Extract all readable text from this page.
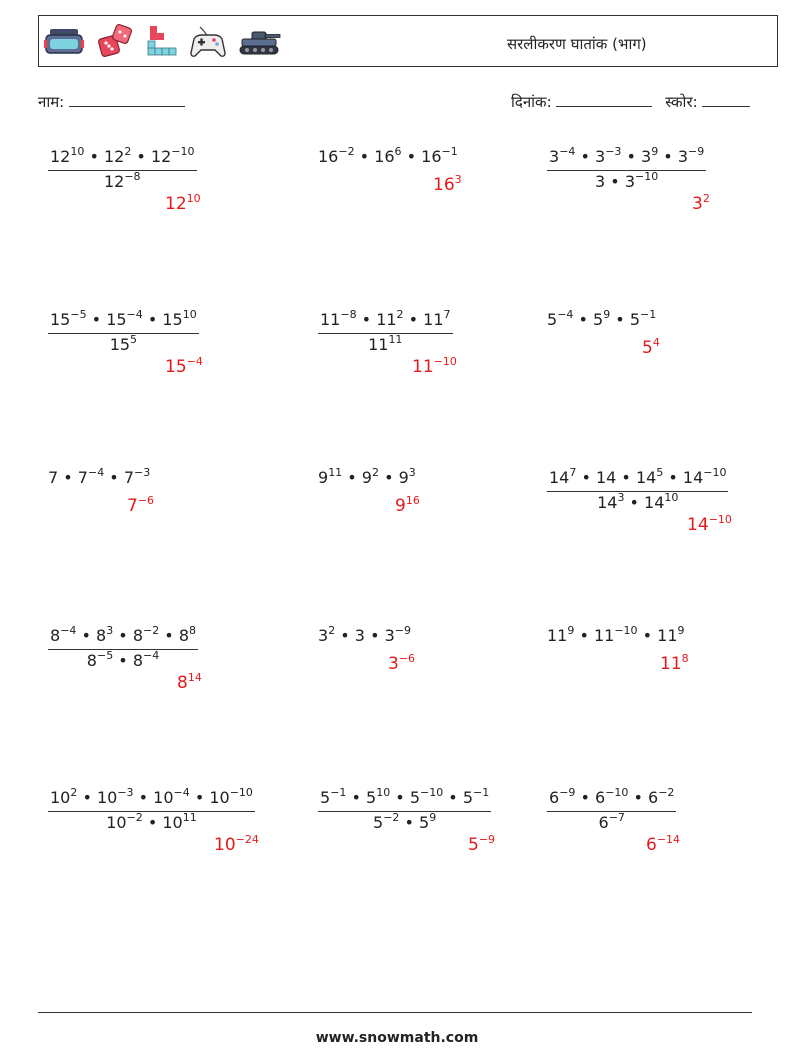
सरलीकरण घातांक (भाग)
नाम:	दिनांक:	स्कोर:
$\frac{12^{10} • 12^2 • 12^{-10}}{12^{-8}}$
$12^{10}$
$16^{-2}$ • $16^6$ • $16^{-1}$
$16^3$	$\frac{3^{-4} • 3^{-3} • 3^9 • 3^{-9}}{3 • 3^{-10}}$
$3^2$
$\frac{15^{-5} • 15^{-4} • 15^{10}}{15^5}$
$15^{-4}$
$\frac{11^{-8} • 11^2 • 11^7}{11^{11}}$
$11^{-10}$
$5^{-4}$ • $5^9$ • $5^{-1}$
$5^4$
7 • $7^{-4}$ • $7^{-3}$
$7^{-6}$
$9^{11}$ • $9^2$ • $9^3$
$9^{16}$	$\frac{14^7 • 14 • 14^5 • 14^{-10}}{14^3 • 14^{10}}$
$14^{-10}$
$\frac{8^{-4} • 8^3 • 8^{-2} • 8^8}{8^{-5} • 8^{-4}}$
$8^{14}$
$3^2$ • 3 • $3^{-9}$
$3^{-6}$
$11^9$ • $11^{-10}$ • $11^9$
$11^8$
$\frac{10^2 • 10^{-3} • 10^{-4} • 10^{-10}}{10^{-2} • 10^{11}}$
$10^{-24}$
$\frac{5^{-1} • 5^{10} • 5^{-10} • 5^{-1}}{5^{-2} • 5^9}$
$5^{-9}$
$\frac{6^{-9} • 6^{-10} • 6^{-2}}{6^{-7}}$
$6^{-14}$
www.snowmath.com
